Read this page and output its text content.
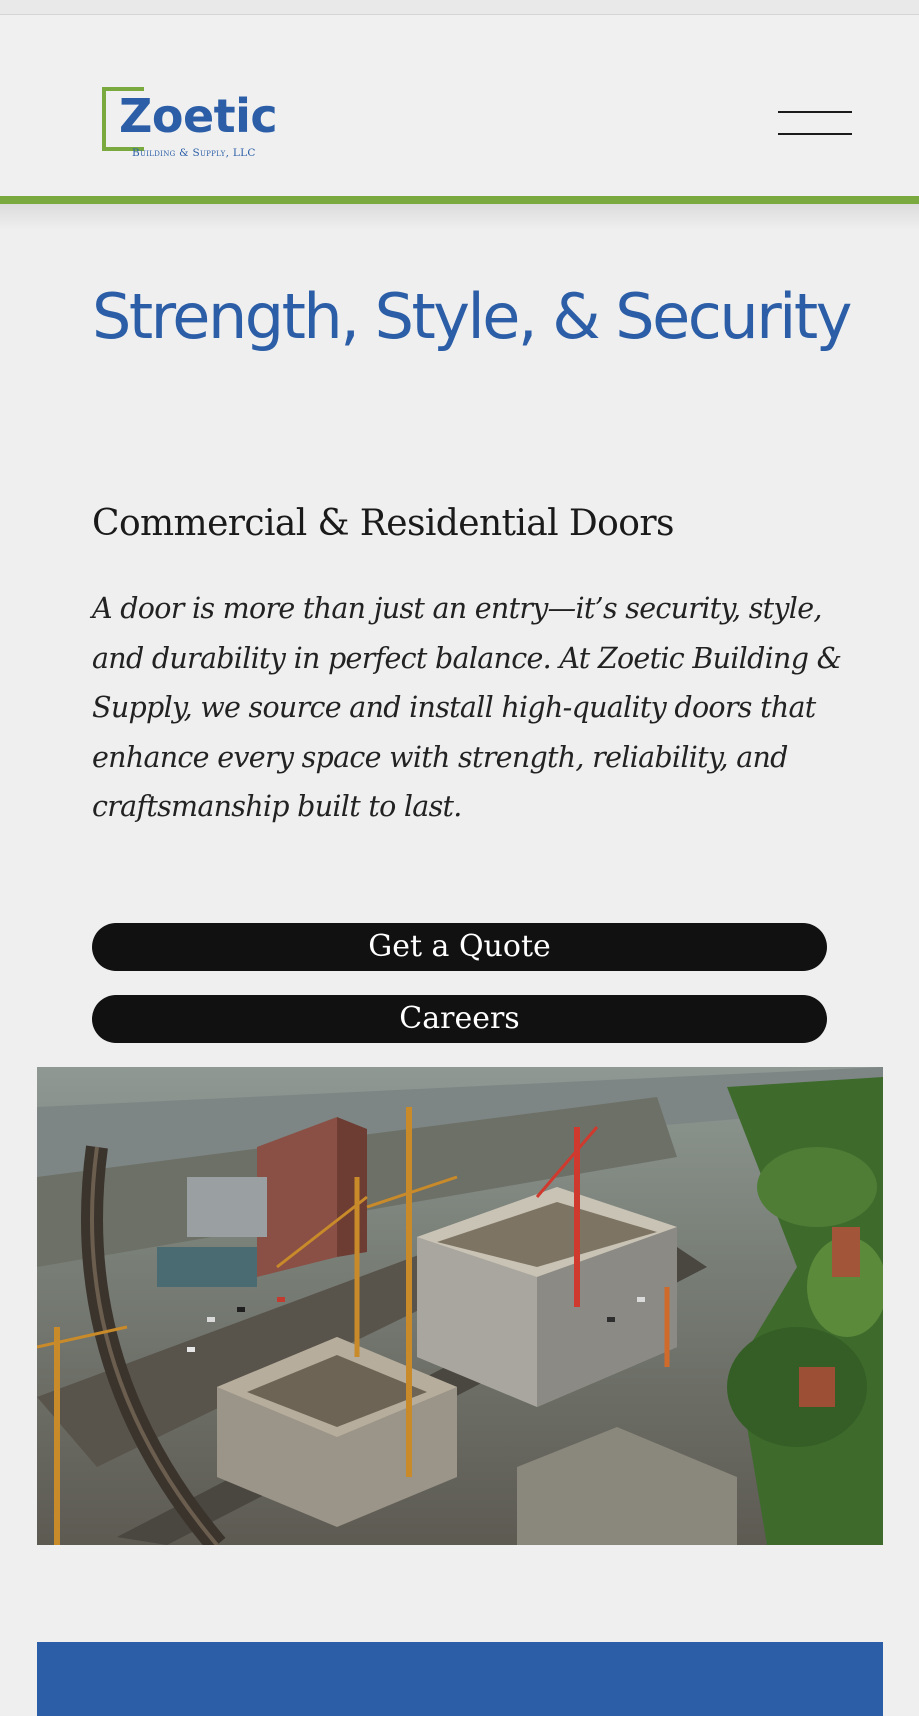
Zoetic
Building & Supply, LLC
Strength, Style, & Security
Commercial & Residential Doors

A door is more than just an entry—it’s security, style, and durability in perfect balance. At Zoetic Building & Supply, we source and install high-quality doors that enhance every space with strength, reliability, and craftsmanship built to last.

Get a Quote
Careers
